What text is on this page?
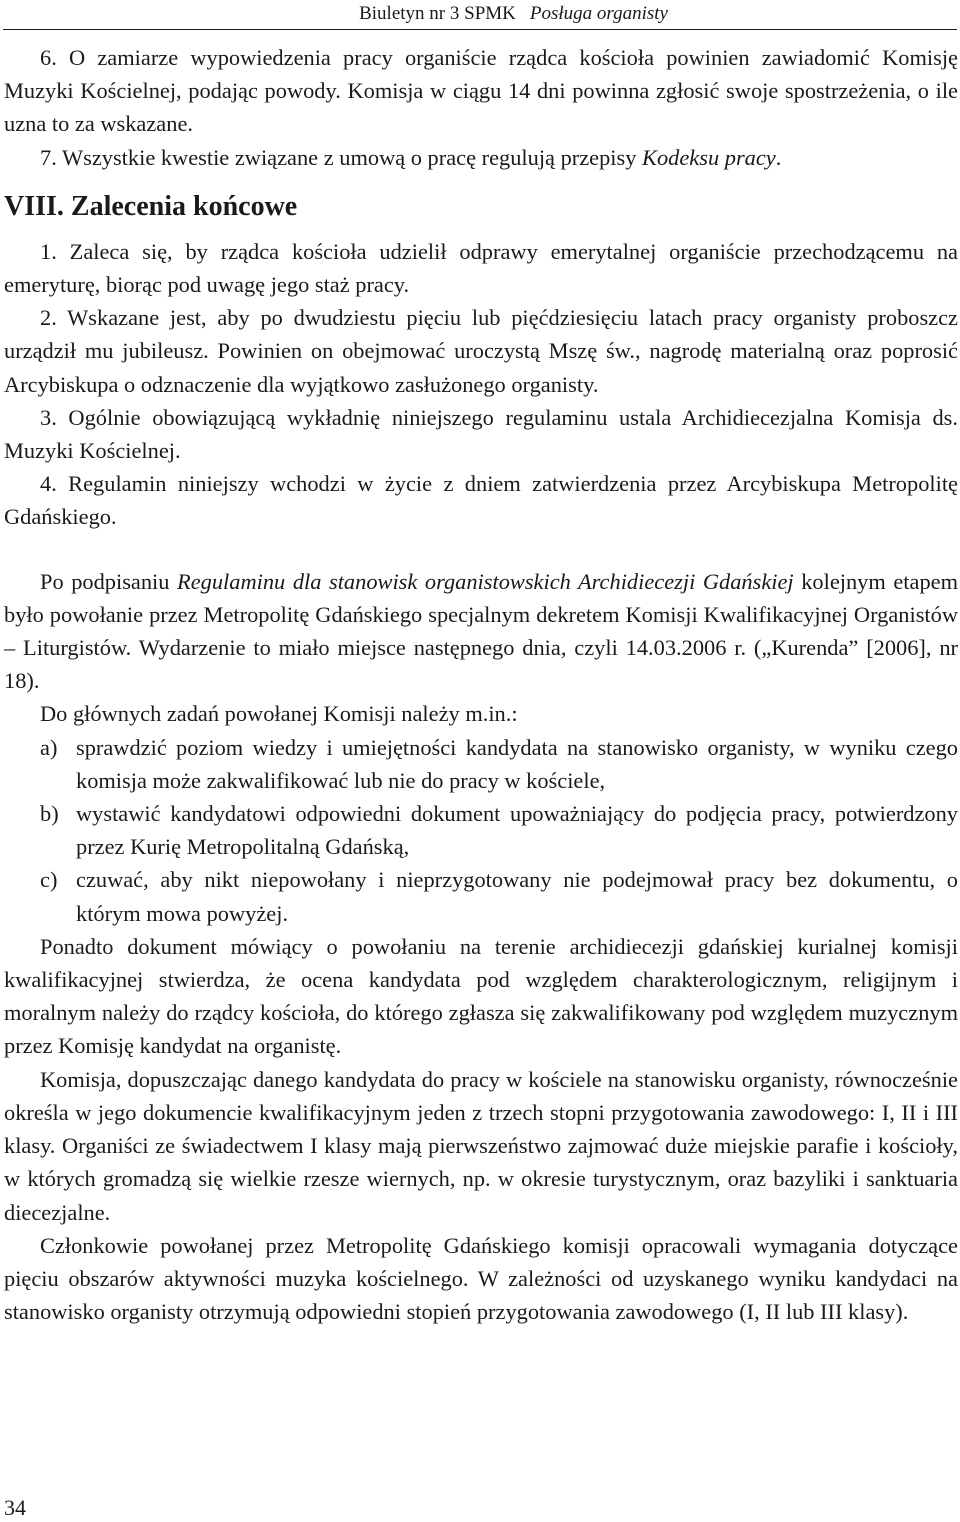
Biuletyn nr 3 SPMK Posługa organisty

6. O zamiarze wypowiedzenia pracy organiście rządca kościoła powinien zawiadomić Komisję Muzyki Kościelnej, podając powody. Komisja w ciągu 14 dni powinna zgłosić swoje spostrzeżenia, o ile uzna to za wskazane.

7. Wszystkie kwestie związane z umową o pracę regulują przepisy Kodeksu pracy.

VIII. Zalecenia końcowe

1. Zaleca się, by rządca kościoła udzielił odprawy emerytalnej organiście przechodzącemu na emeryturę, biorąc pod uwagę jego staż pracy.

2. Wskazane jest, aby po dwudziestu pięciu lub pięćdziesięciu latach pracy organisty proboszcz urządził mu jubileusz. Powinien on obejmować uroczystą Mszę św., nagrodę materialną oraz poprosić Arcybiskupa o odznaczenie dla wyjątkowo zasłużonego organisty.

3. Ogólnie obowiązującą wykładnię niniejszego regulaminu ustala Archidiecezjalna Komisja ds. Muzyki Kościelnej.

4. Regulamin niniejszy wchodzi w życie z dniem zatwierdzenia przez Arcybiskupa Metropolitę Gdańskiego.

Po podpisaniu Regulaminu dla stanowisk organistowskich Archidiecezji Gdańskiej kolejnym etapem było powołanie przez Metropolitę Gdańskiego specjalnym dekretem Komisji Kwalifikacyjnej Organistów – Liturgistów. Wydarzenie to miało miejsce następnego dnia, czyli 14.03.2006 r. („Kurenda” [2006], nr 18).

Do głównych zadań powołanej Komisji należy m.in.:

a) sprawdzić poziom wiedzy i umiejętności kandydata na stanowisko organisty, w wyniku czego komisja może zakwalifikować lub nie do pracy w kościele,
b) wystawić kandydatowi odpowiedni dokument upoważniający do podjęcia pracy, potwierdzony przez Kurię Metropolitalną Gdańską,
c) czuwać, aby nikt niepowołany i nieprzygotowany nie podejmował pracy bez dokumentu, o którym mowa powyżej.

Ponadto dokument mówiący o powołaniu na terenie archidiecezji gdańskiej kurialnej komisji kwalifikacyjnej stwierdza, że ocena kandydata pod względem charakterologicznym, religijnym i moralnym należy do rządcy kościoła, do którego zgłasza się zakwalifikowany pod względem muzycznym przez Komisję kandydat na organistę.

Komisja, dopuszczając danego kandydata do pracy w kościele na stanowisku organisty, równocześnie określa w jego dokumencie kwalifikacyjnym jeden z trzech stopni przygotowania zawodowego: I, II i III klasy. Organiści ze świadectwem I klasy mają pierwszeństwo zajmować duże miejskie parafie i kościoły, w których gromadzą się wielkie rzesze wiernych, np. w okresie turystycznym, oraz bazyliki i sanktuaria diecezjalne.

Członkowie powołanej przez Metropolitę Gdańskiego komisji opracowali wymagania dotyczące pięciu obszarów aktywności muzyka kościelnego. W zależności od uzyskanego wyniku kandydaci na stanowisko organisty otrzymują odpowiedni stopień przygotowania zawodowego (I, II lub III klasy).

34
